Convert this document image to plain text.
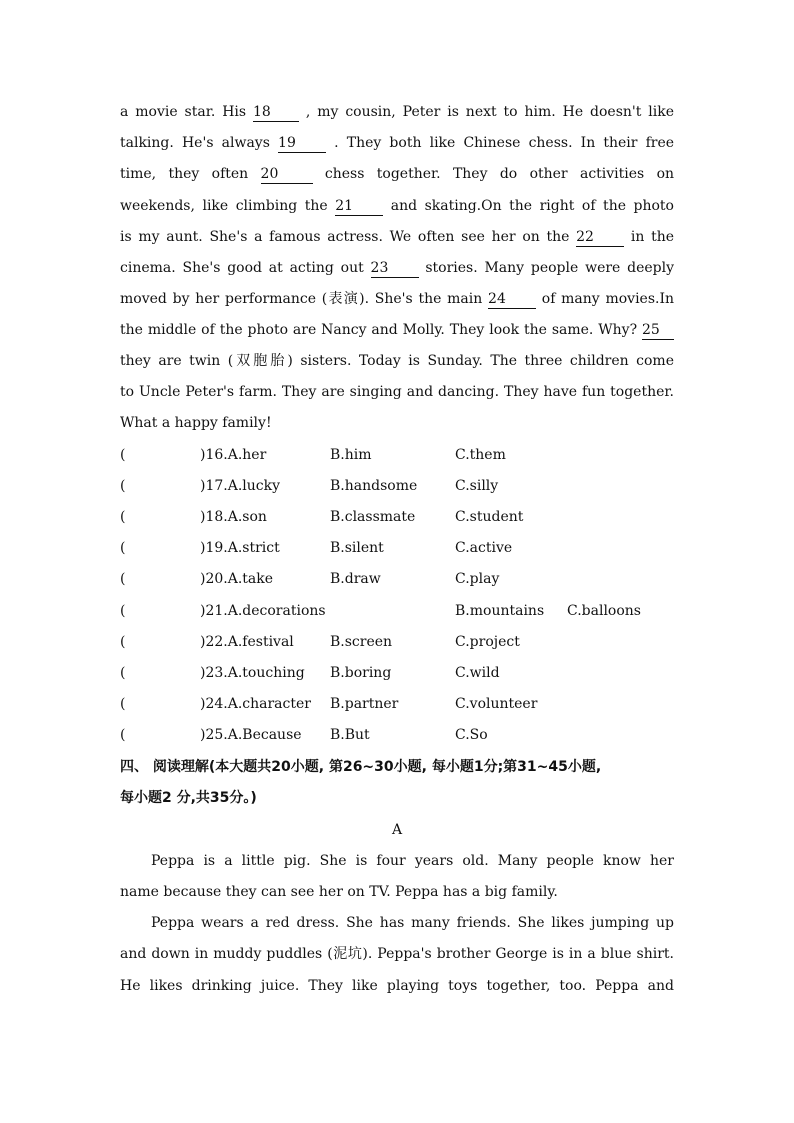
a movie star. His 18	, my cousin, Peter is next to him. He doesn't like
talking. He's always 19	. They both like Chinese chess. In their free
time, they often 20	chess together. They do other activities on
weekends, like climbing the 21	and skating.On the right of the photo
is my aunt. She's a famous actress. We often see her on the 22	in the
cinema. She's good at acting out 23	stories. Many people were deeply
moved by her performance (表演). She's the main 24	of many movies.In
the middle of the photo are Nancy and Molly. They look the same. Why? 25
they are twin (双胞胎) sisters. Today is Sunday. The three children come
to Uncle Peter's farm. They are singing and dancing. They have fun together.
What a happy family!
(	)16.A.her	B.him	C.them
(	)17.A.lucky	B.handsome	C.silly
(	)18.A.son	B.classmate	C.student
(	)19.A.strict	B.silent	C.active
(	)20.A.take	B.draw	C.play
(	)21.A.decorations	B.mountains C.balloons
(	)22.A.festival	B.screen	C.project
(	)23.A.touching B.boring	C.wild
(	)24.A.character B.partner	C.volunteer
(	)25.A.Because B.But	C.So
四、 阅读理解(本大题共20小题, 第26~30小题, 每小题1分;第31~45小题,
每小题2 分,共35分。)
A
Peppa is a little pig. She is four years old. Many people know her
name because they can see her on TV. Peppa has a big family.
Peppa wears a red dress. She has many friends. She likes jumping up
and down in muddy puddles (泥坑). Peppa's brother George is in a blue shirt.
He likes drinking juice. They like playing toys together, too. Peppa and
